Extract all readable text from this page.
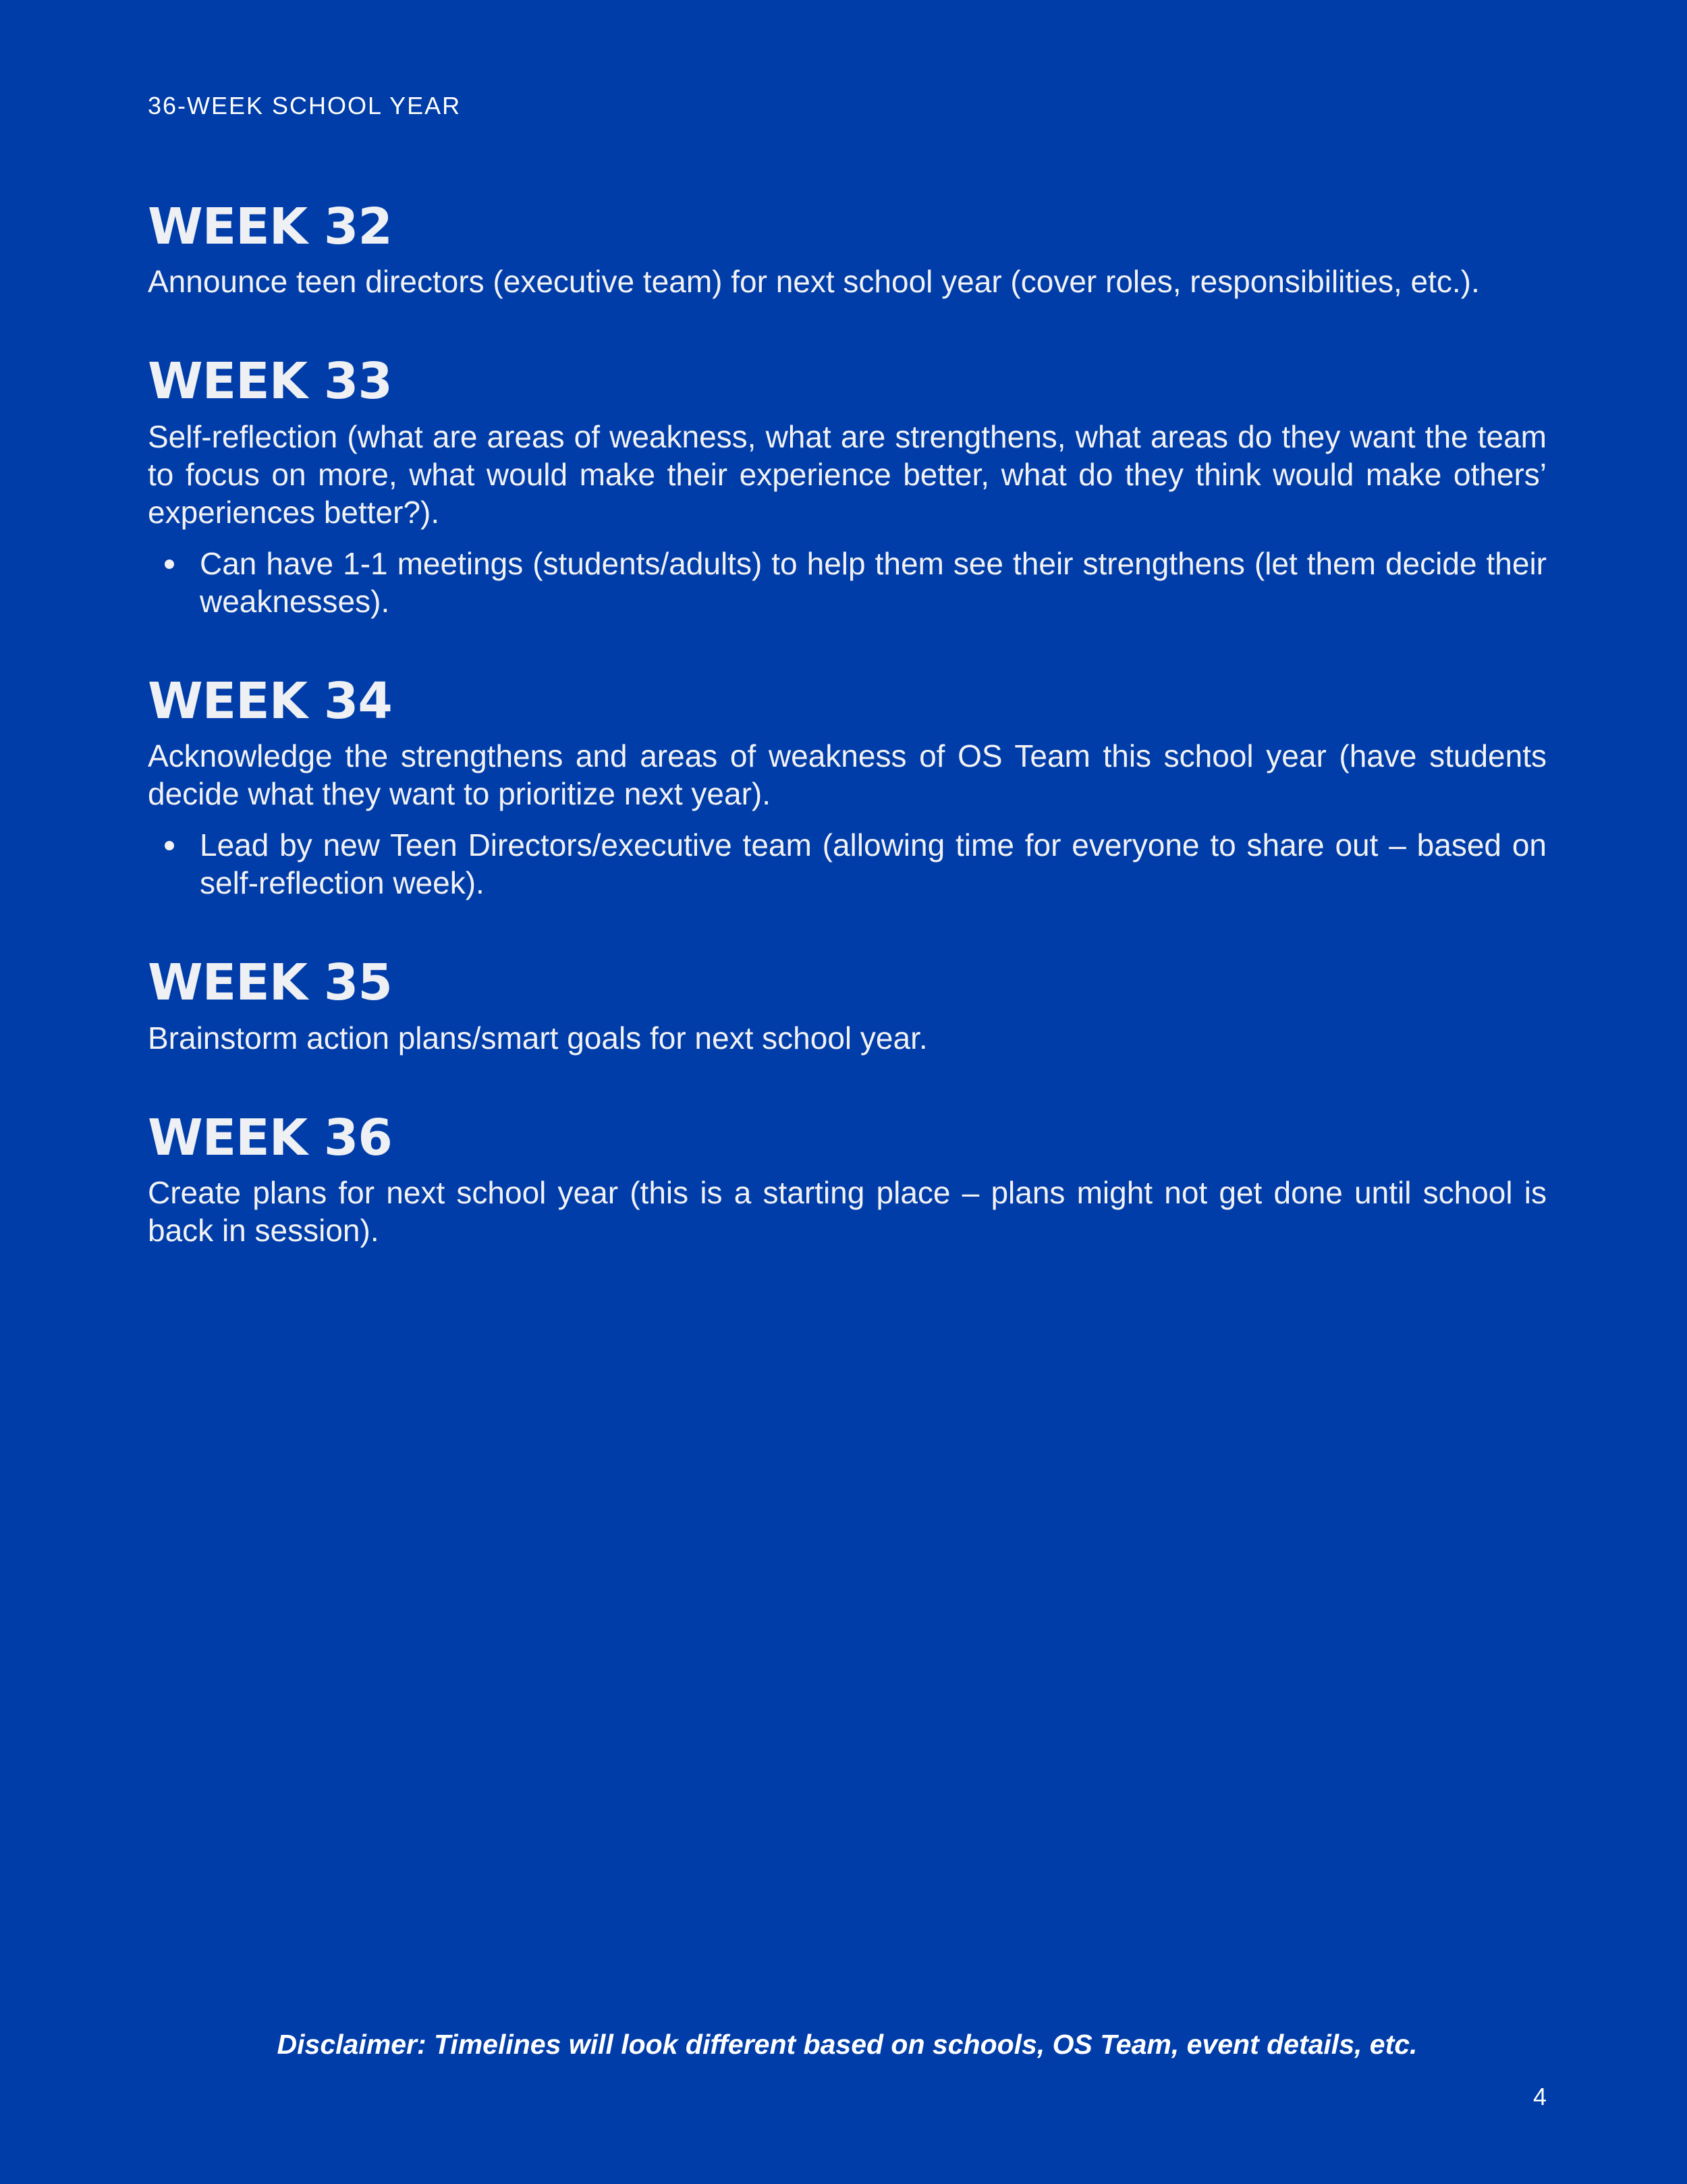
36-WEEK SCHOOL YEAR
WEEK 32

Announce teen directors (executive team) for next school year (cover roles, responsibilities, etc.).

WEEK 33

Self-reflection (what are areas of weakness, what are strengthens, what areas do they want the team to focus on more, what would make their experience better, what do they think would make others’ experiences better?).

Can have 1-1 meetings (students/adults) to help them see their strengthens (let them decide their weaknesses).
WEEK 34

Acknowledge the strengthens and areas of weakness of OS Team this school year (have students decide what they want to prioritize next year).

Lead by new Teen Directors/executive team (allowing time for everyone to share out – based on self-reflection week).
WEEK 35

Brainstorm action plans/smart goals for next school year.

WEEK 36

Create plans for next school year (this is a starting place – plans might not get done until school is back in session).

Disclaimer: Timelines will look different based on schools, OS Team, event details, etc.
4
